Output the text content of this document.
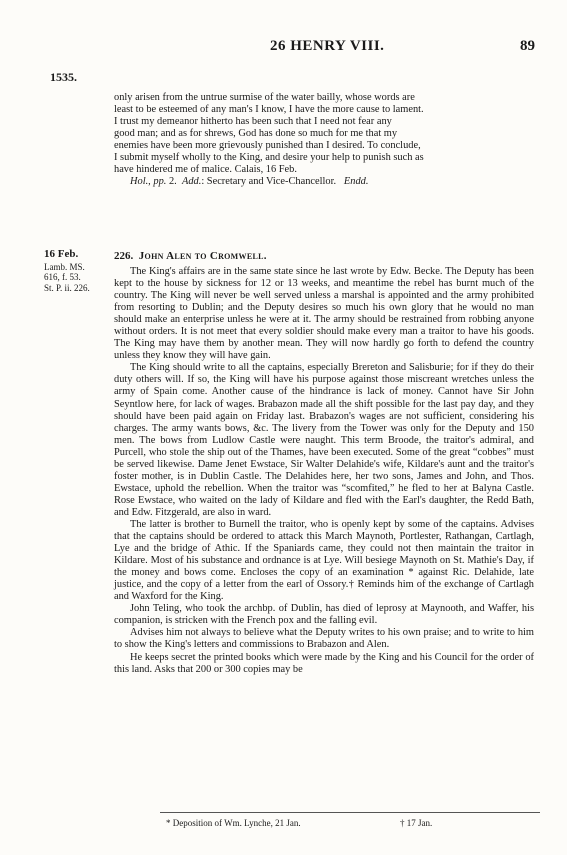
26 HENRY VIII.	89
1535.

only arisen from the untrue surmise of the water bailly, whose words are

least to be esteemed of any man's I know, I have the more cause to lament.

I trust my demeanor hitherto has been such that I need not fear any

good man; and as for shrews, God has done so much for me that my

enemies have been more grievously punished than I desired. To conclude,

I submit myself wholly to the King, and desire your help to punish such as

have hindered me of malice. Calais, 16 Feb.

Hol., pp. 2. Add.: Secretary and Vice-Chancellor. Endd.

16 Feb.
Lamb. MS.
616, f. 53.
St. P. ii. 226.
226. John Alen to Cromwell.

The King's affairs are in the same state since he last wrote by Edw. Becke. The Deputy has been kept to the house by sickness for 12 or 13 weeks, and meantime the rebel has burnt much of the country. The King will never be well served unless a marshal is appointed and the army prohibited from resorting to Dublin; and the Deputy desires so much his own glory that he would no man should make an enterprise unless he were at it. The army should be restrained from robbing anyone without orders. It is not meet that every soldier should make every man a traitor to have his goods. The King may have them by another mean. They will now hardly go forth to defend the country unless they know they will have gain.

The King should write to all the captains, especially Brereton and Salisburie; for if they do their duty others will. If so, the King will have his purpose against those miscreant wretches unless the army of Spain come. Another cause of the hindrance is lack of money. Cannot have Sir John Seyntlow here, for lack of wages. Brabazon made all the shift possible for the last pay day, and they should have been paid again on Friday last. Brabazon's wages are not sufficient, considering his charges. The army wants bows, &c. The livery from the Tower was only for the Deputy and 150 men. The bows from Ludlow Castle were naught. This term Broode, the traitor's admiral, and Purcell, who stole the ship out of the Thames, have been executed. Some of the great “cobbes” must be served likewise. Dame Jenet Ewstace, Sir Walter Delahide's wife, Kildare's aunt and the traitor's foster mother, is in Dublin Castle. The Delahides here, her two sons, James and John, and Thos. Ewstace, uphold the rebellion. When the traitor was “scomfited,” he fled to her at Balyna Castle. Rose Ewstace, who waited on the lady of Kildare and fled with the Earl's daughter, the Redd Bath, and Edw. Fitzgerald, are also in ward.

The latter is brother to Burnell the traitor, who is openly kept by some of the captains. Advises that the captains should be ordered to attack this March Maynoth, Portlester, Rathangan, Cartlagh, Lye and the bridge of Athic. If the Spaniards came, they could not then maintain the traitor in Kildare. Most of his substance and ordnance is at Lye. Will besiege Maynoth on St. Mathie's Day, if the money and bows come. Encloses the copy of an examination * against Ric. Delahide, late justice, and the copy of a letter from the earl of Ossory.† Reminds him of the exchange of Cartlagh and Waxford for the King.

John Teling, who took the archbp. of Dublin, has died of leprosy at Maynooth, and Waffer, his companion, is stricken with the French pox and the falling evil.

Advises him not always to believe what the Deputy writes to his own praise; and to write to him to show the King's letters and commissions to Brabazon and Alen.

He keeps secret the printed books which were made by the King and his Council for the order of this land. Asks that 200 or 300 copies may be

* Deposition of Wm. Lynche, 21 Jan.	† 17 Jan.
